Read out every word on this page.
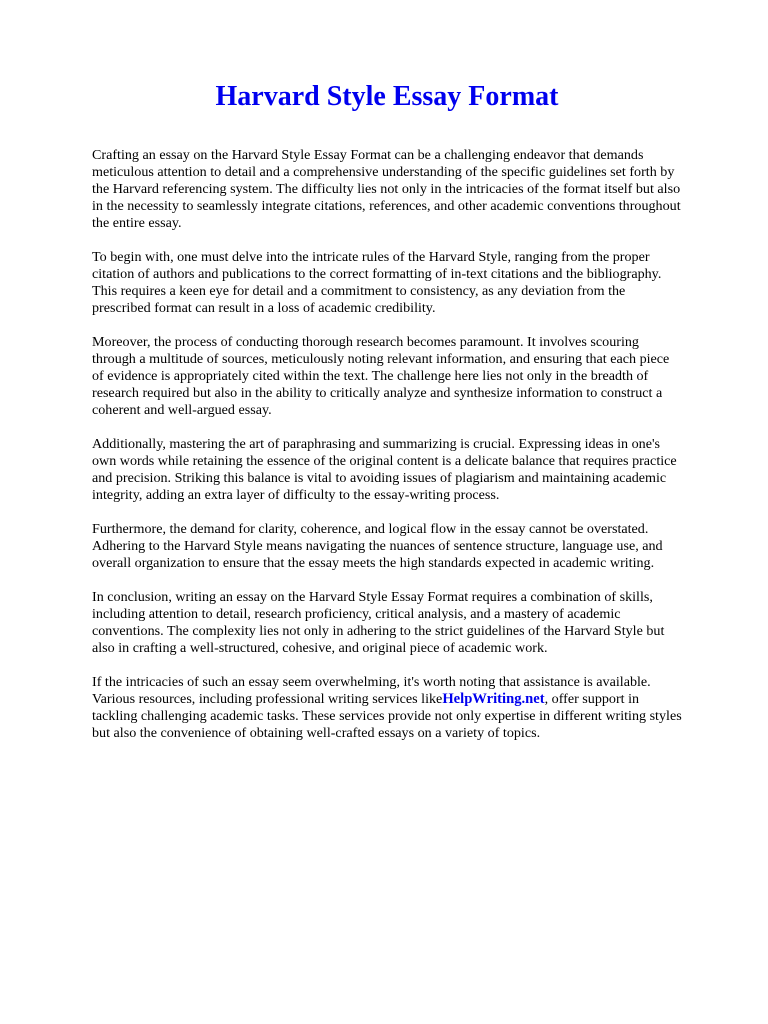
Harvard Style Essay Format

Crafting an essay on the Harvard Style Essay Format can be a challenging endeavor that demands meticulous attention to detail and a comprehensive understanding of the specific guidelines set forth by the Harvard referencing system. The difficulty lies not only in the intricacies of the format itself but also in the necessity to seamlessly integrate citations, references, and other academic conventions throughout the entire essay.

To begin with, one must delve into the intricate rules of the Harvard Style, ranging from the proper citation of authors and publications to the correct formatting of in-text citations and the bibliography. This requires a keen eye for detail and a commitment to consistency, as any deviation from the prescribed format can result in a loss of academic credibility.

Moreover, the process of conducting thorough research becomes paramount. It involves scouring through a multitude of sources, meticulously noting relevant information, and ensuring that each piece of evidence is appropriately cited within the text. The challenge here lies not only in the breadth of research required but also in the ability to critically analyze and synthesize information to construct a coherent and well-argued essay.

Additionally, mastering the art of paraphrasing and summarizing is crucial. Expressing ideas in one's own words while retaining the essence of the original content is a delicate balance that requires practice and precision. Striking this balance is vital to avoiding issues of plagiarism and maintaining academic integrity, adding an extra layer of difficulty to the essay-writing process.

Furthermore, the demand for clarity, coherence, and logical flow in the essay cannot be overstated. Adhering to the Harvard Style means navigating the nuances of sentence structure, language use, and overall organization to ensure that the essay meets the high standards expected in academic writing.

In conclusion, writing an essay on the Harvard Style Essay Format requires a combination of skills, including attention to detail, research proficiency, critical analysis, and a mastery of academic conventions. The complexity lies not only in adhering to the strict guidelines of the Harvard Style but also in crafting a well-structured, cohesive, and original piece of academic work.

If the intricacies of such an essay seem overwhelming, it's worth noting that assistance is available. Various resources, including professional writing services likeHelpWriting.net, offer support in tackling challenging academic tasks. These services provide not only expertise in different writing styles but also the convenience of obtaining well-crafted essays on a variety of topics.
